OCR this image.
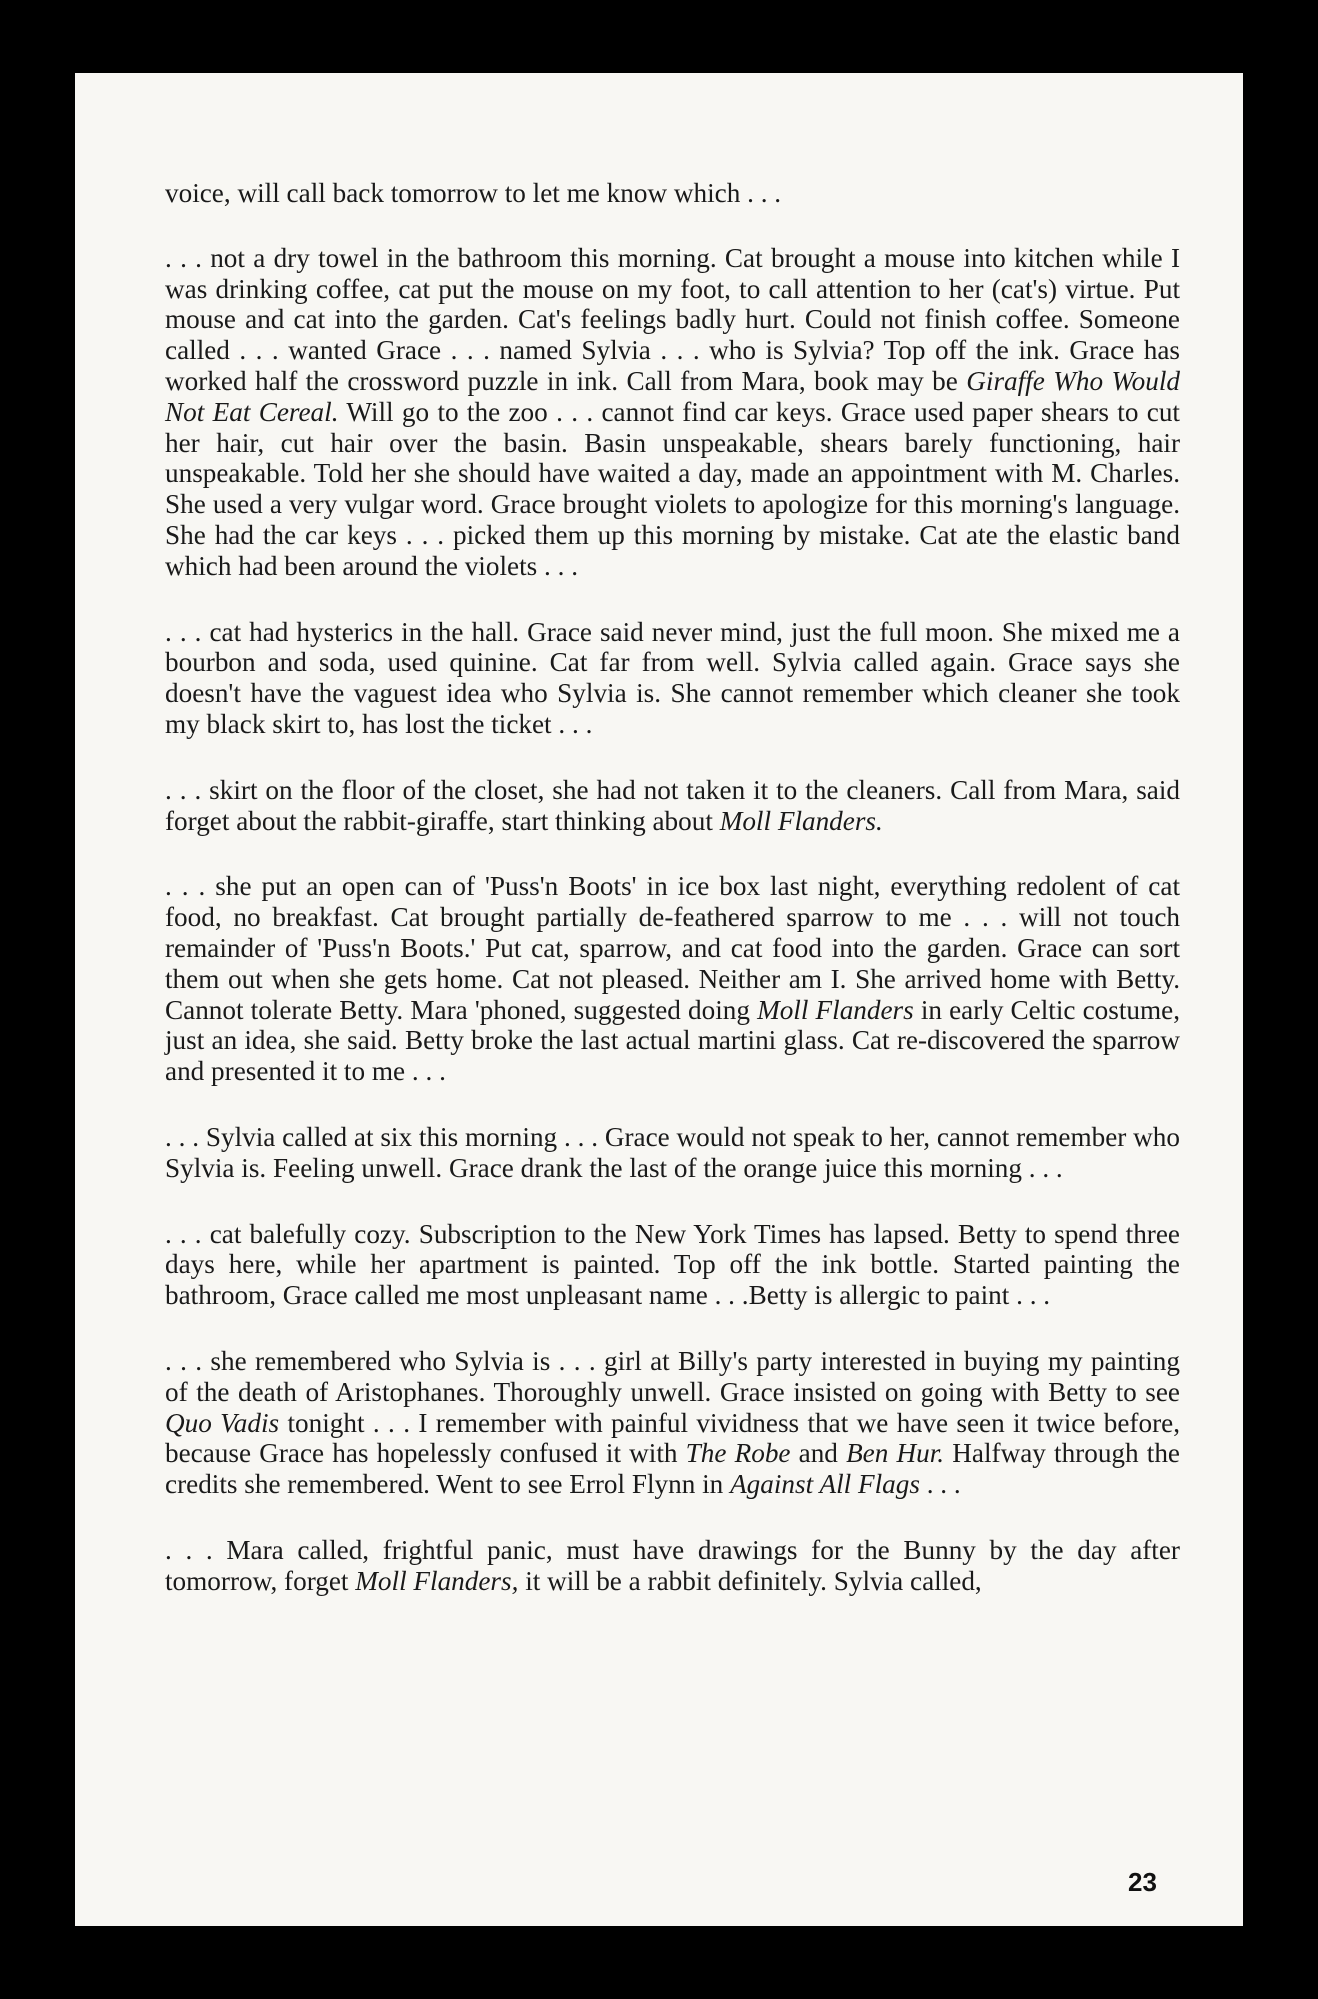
voice, will call back tomorrow to let me know which . . .

. . . not a dry towel in the bathroom this morning. Cat brought a mouse into kitchen while I was drinking coffee, cat put the mouse on my foot, to call attention to her (cat's) virtue. Put mouse and cat into the garden. Cat's feelings badly hurt. Could not finish coffee. Someone called . . . wanted Grace . . . named Sylvia . . . who is Sylvia? Top off the ink. Grace has worked half the crossword puzzle in ink. Call from Mara, book may be Giraffe Who Would Not Eat Cereal. Will go to the zoo . . . cannot find car keys. Grace used paper shears to cut her hair, cut hair over the basin. Basin unspeakable, shears barely functioning, hair unspeakable. Told her she should have waited a day, made an appointment with M. Charles. She used a very vulgar word. Grace brought violets to apologize for this morning's language. She had the car keys . . . picked them up this morning by mistake. Cat ate the elastic band which had been around the violets . . .

. . . cat had hysterics in the hall. Grace said never mind, just the full moon. She mixed me a bourbon and soda, used quinine. Cat far from well. Sylvia called again. Grace says she doesn't have the vaguest idea who Sylvia is. She cannot remember which cleaner she took my black skirt to, has lost the ticket . . .

. . . skirt on the floor of the closet, she had not taken it to the cleaners. Call from Mara, said forget about the rabbit-giraffe, start thinking about Moll Flanders.

. . . she put an open can of 'Puss'n Boots' in ice box last night, everything redolent of cat food, no breakfast. Cat brought partially de-feathered sparrow to me . . . will not touch remainder of 'Puss'n Boots.' Put cat, sparrow, and cat food into the garden. Grace can sort them out when she gets home. Cat not pleased. Neither am I. She arrived home with Betty. Cannot tolerate Betty. Mara 'phoned, suggested doing Moll Flanders in early Celtic costume, just an idea, she said. Betty broke the last actual martini glass. Cat re-discovered the sparrow and presented it to me . . .

. . . Sylvia called at six this morning . . . Grace would not speak to her, cannot remember who Sylvia is. Feeling unwell. Grace drank the last of the orange juice this morning . . .

. . . cat balefully cozy. Subscription to the New York Times has lapsed. Betty to spend three days here, while her apartment is painted. Top off the ink bottle. Started painting the bathroom, Grace called me most unpleasant name . . .Betty is allergic to paint . . .

. . . she remembered who Sylvia is . . . girl at Billy's party interested in buying my painting of the death of Aristophanes. Thoroughly unwell. Grace insisted on going with Betty to see Quo Vadis tonight . . . I remember with painful vividness that we have seen it twice before, because Grace has hopelessly confused it with The Robe and Ben Hur. Halfway through the credits she remembered. Went to see Errol Flynn in Against All Flags . . .

. . . Mara called, frightful panic, must have drawings for the Bunny by the day after tomorrow, forget Moll Flanders, it will be a rabbit definitely. Sylvia called,

23
